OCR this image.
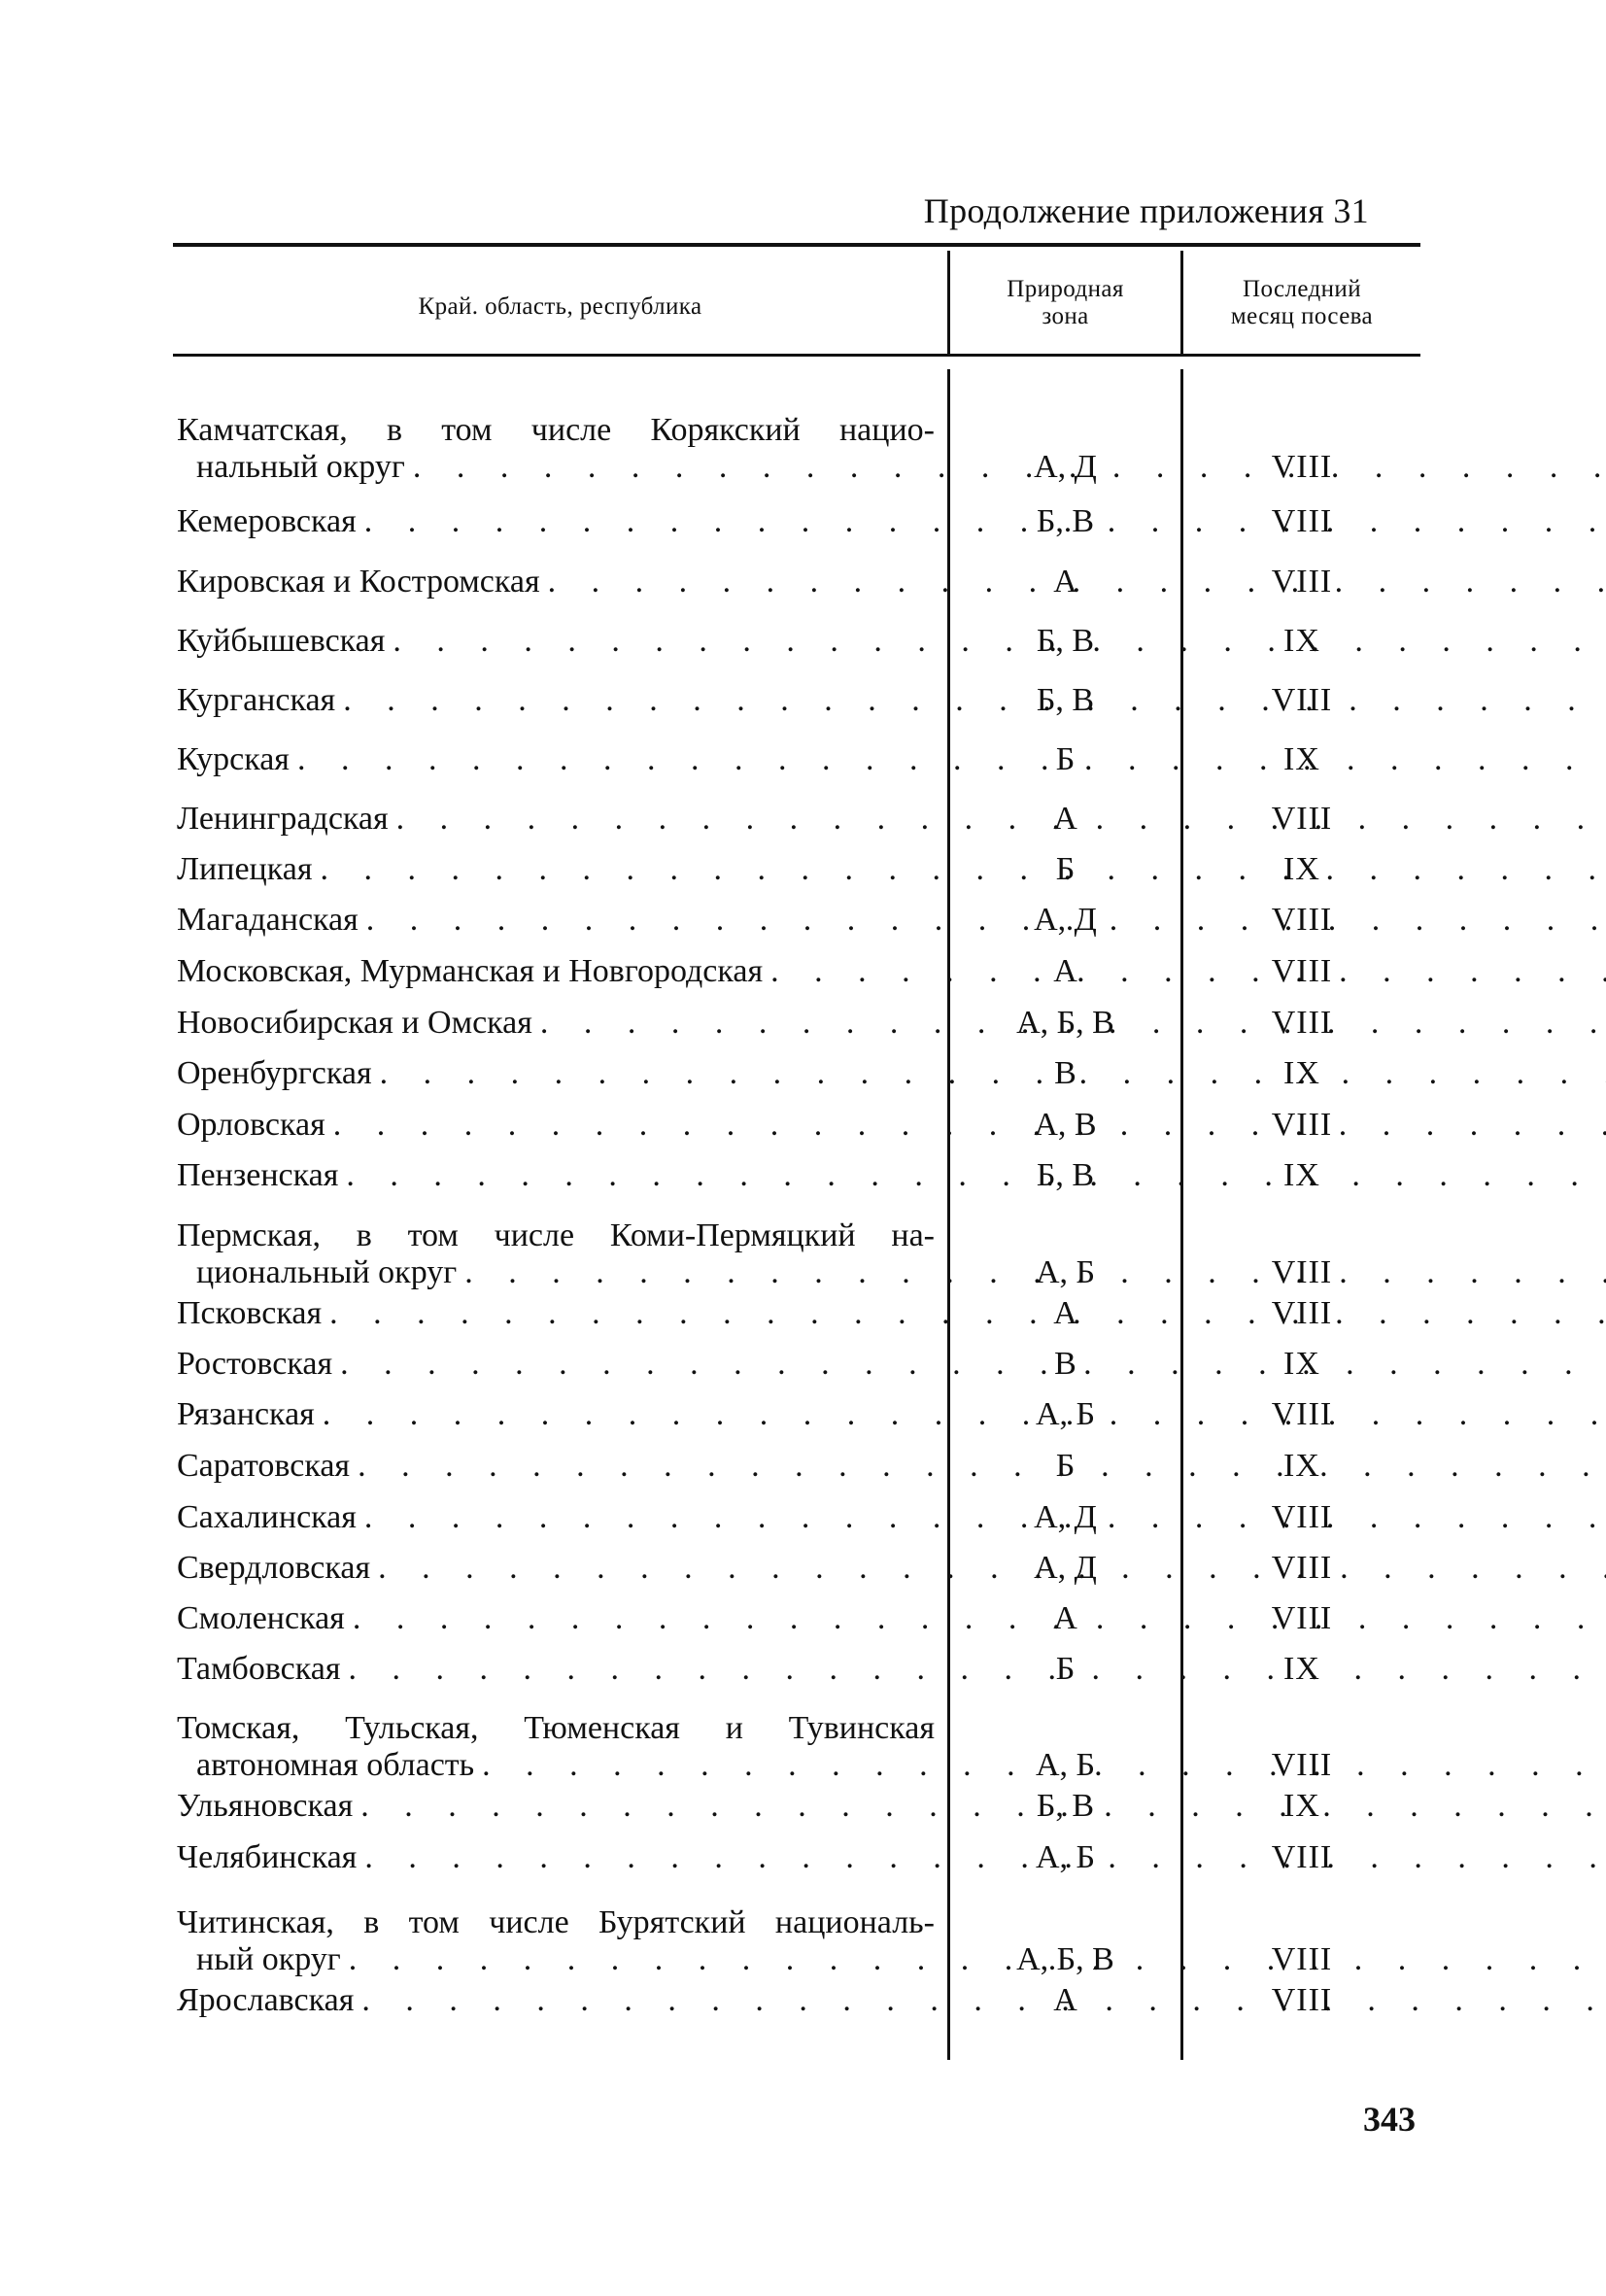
Продолжение приложения 31
Край. область, республика
Природная
зона
Последний
месяц посева
Камчатская, в том числе Корякский нацио-
нальный округ . . .	А, Д	VIII
Кемеровская . . .	Б, В	VIII
Кировская и Костромская . . .	А	VIII
Куйбышевская . . .	Б, В	IX
Курганская . . .	Б, В	VIII
Курская . . .	Б	IX
Ленинградская . . .	А	VIII
Липецкая . . .	Б	IX
Магаданская . . .	А, Д	VIII
Московская, Мурманская и Новгородская . . .	А	VIII
Новосибирская и Омская . . .	А, Б, В	VIII
Оренбургская . . .	В	IX
Орловская . . .	А, В	VIII
Пензенская . . .	Б, В	IX
Пермская, в том числе Коми-Пермяцкий на-
циональный округ . . .	А, Б	VIII
Псковская . . .	А	VIII
Ростовская . . .	В	IX
Рязанская . . .	А, Б	VIII
Саратовская . . .	Б	IX
Сахалинская . . .	А, Д	VIII
Свердловская . . .	А, Д	VIII
Смоленская . . .	А	VIII
Тамбовская . . .	Б	IX
Томская, Тульская, Тюменская и Тувинская
автономная область . . .	А, Б	VIII
Ульяновская . . .	Б, В	IX
Челябинская . . .	А, Б	VIII
Читинская, в том числе Бурятский националь-
ный округ . . .	А, Б, В	VIII
Ярославская . . .	А	VIII
343
